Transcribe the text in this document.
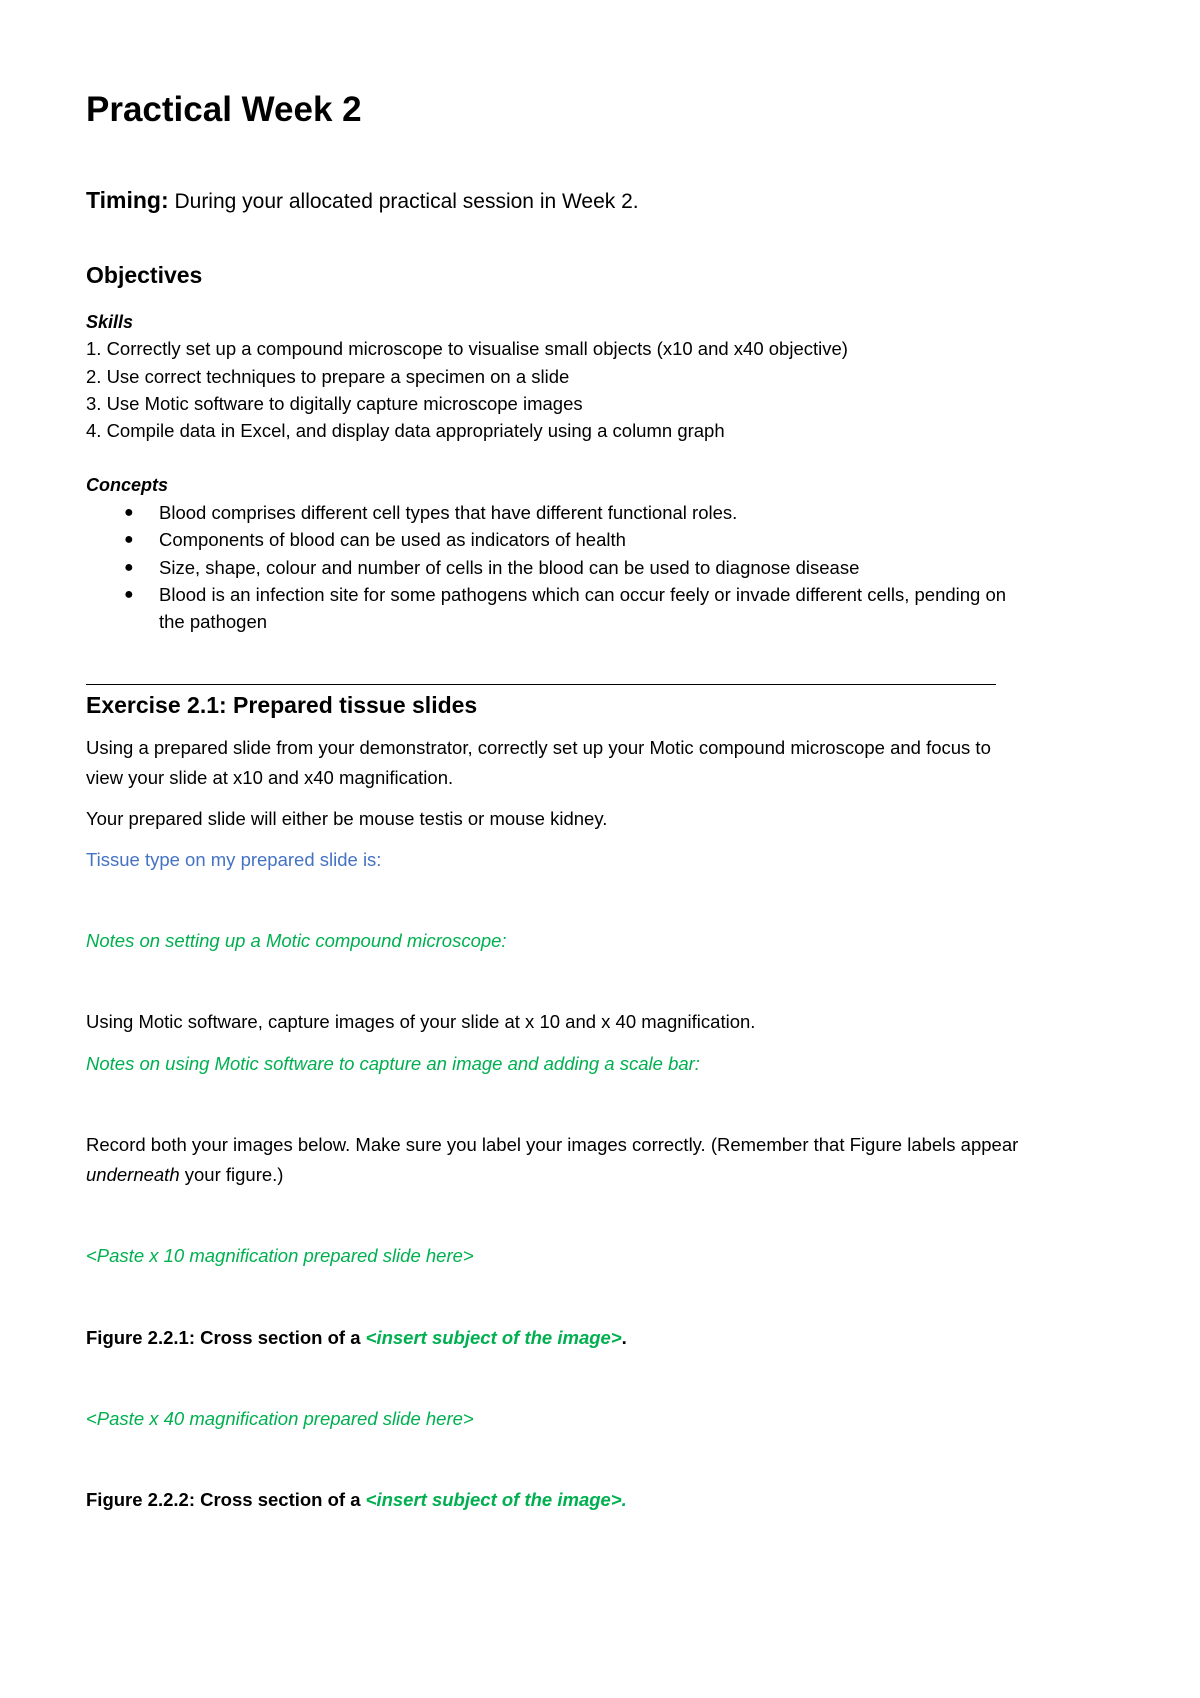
Practical Week 2
Timing: During your allocated practical session in Week 2.
Objectives
Skills
1. Correctly set up a compound microscope to visualise small objects (x10 and x40 objective)
2. Use correct techniques to prepare a specimen on a slide
3. Use Motic software to digitally capture microscope images
4. Compile data in Excel, and display data appropriately using a column graph
Concepts
● Blood comprises different cell types that have different functional roles.
● Components of blood can be used as indicators of health
● Size, shape, colour and number of cells in the blood can be used to diagnose disease
● Blood is an infection site for some pathogens which can occur feely or invade different cells, pending on
the pathogen
Exercise 2.1: Prepared tissue slides
Using a prepared slide from your demonstrator, correctly set up your Motic compound microscope and focus to
view your slide at x10 and x40 magnification.
Your prepared slide will either be mouse testis or mouse kidney.
Tissue type on my prepared slide is:
Notes on setting up a Motic compound microscope:
Using Motic software, capture images of your slide at x 10 and x 40 magnification.
Notes on using Motic software to capture an image and adding a scale bar:
Record both your images below. Make sure you label your images correctly. (Remember that Figure labels appear
underneath your figure.)
<Paste x 10 magnification prepared slide here>
Figure 2.2.1: Cross section of a <insert subject of the image>.
<Paste x 40 magnification prepared slide here>
Figure 2.2.2: Cross section of a <insert subject of the image>.
